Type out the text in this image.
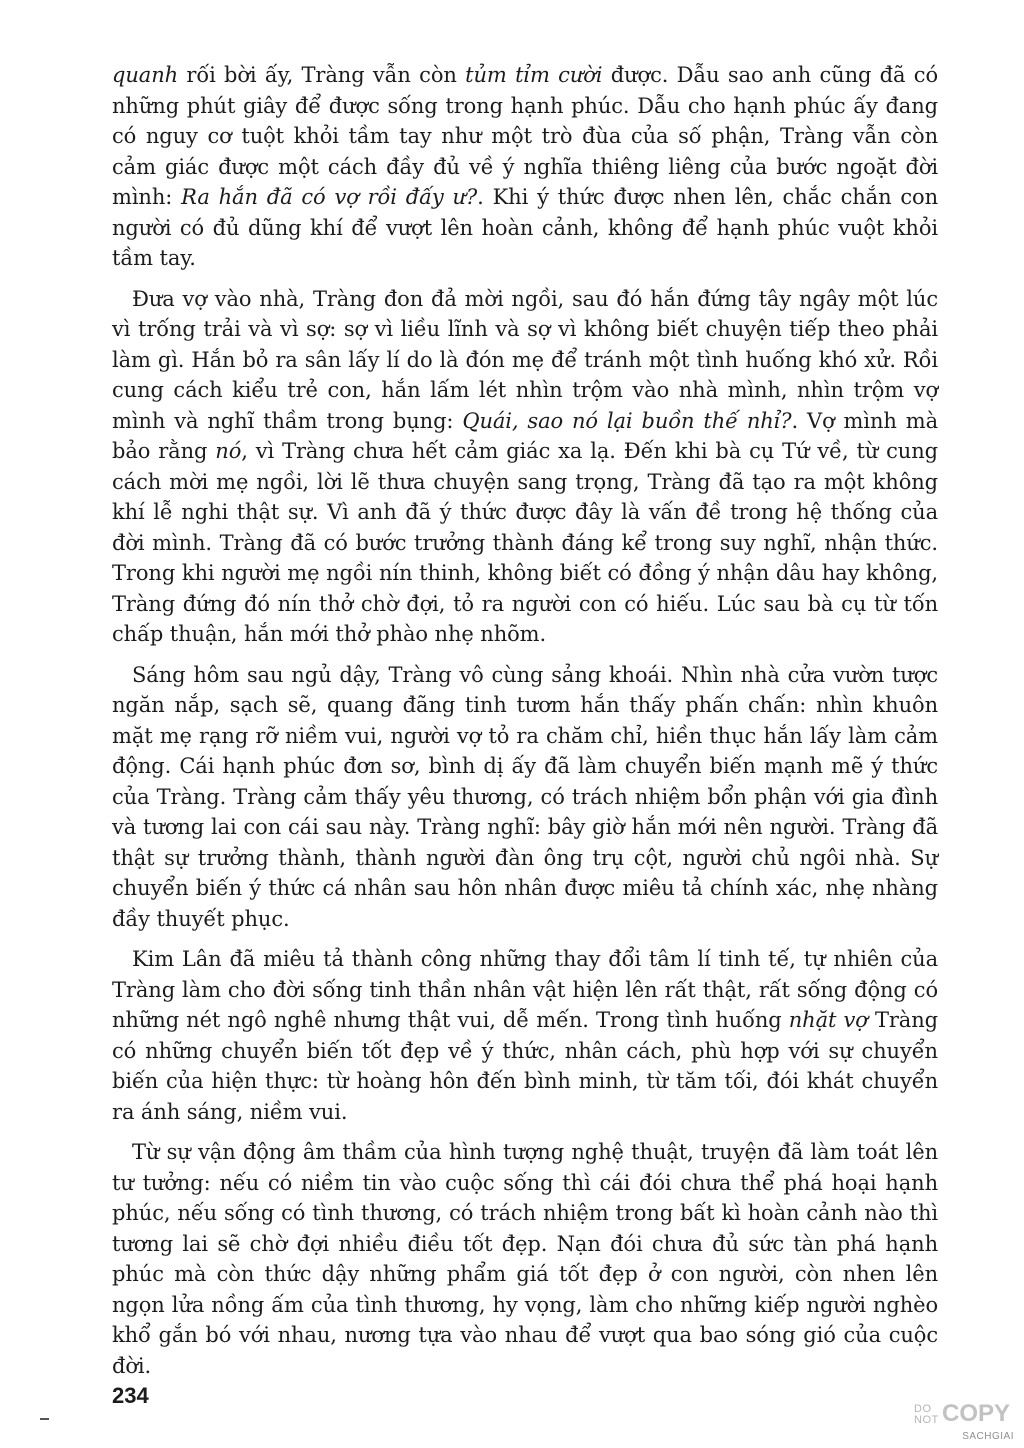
quanh rối bời ấy, Tràng vẫn còn tủm tỉm cười được. Dẫu sao anh cũng đã có những phút giây để được sống trong hạnh phúc. Dẫu cho hạnh phúc ấy đang có nguy cơ tuột khỏi tầm tay như một trò đùa của số phận, Tràng vẫn còn cảm giác được một cách đầy đủ về ý nghĩa thiêng liêng của bước ngoặt đời mình: Ra hắn đã có vợ rồi đấy ư?. Khi ý thức được nhen lên, chắc chắn con người có đủ dũng khí để vượt lên hoàn cảnh, không để hạnh phúc vuột khỏi tầm tay.

Đưa vợ vào nhà, Tràng đon đả mời ngồi, sau đó hắn đứng tây ngây một lúc vì trống trải và vì sợ: sợ vì liều lĩnh và sợ vì không biết chuyện tiếp theo phải làm gì. Hắn bỏ ra sân lấy lí do là đón mẹ để tránh một tình huống khó xử. Rồi cung cách kiểu trẻ con, hắn lấm lét nhìn trộm vào nhà mình, nhìn trộm vợ mình và nghĩ thầm trong bụng: Quái, sao nó lại buồn thế nhỉ?. Vợ mình mà bảo rằng nó, vì Tràng chưa hết cảm giác xa lạ. Đến khi bà cụ Tứ về, từ cung cách mời mẹ ngồi, lời lẽ thưa chuyện sang trọng, Tràng đã tạo ra một không khí lễ nghi thật sự. Vì anh đã ý thức được đây là vấn đề trong hệ thống của đời mình. Tràng đã có bước trưởng thành đáng kể trong suy nghĩ, nhận thức. Trong khi người mẹ ngồi nín thinh, không biết có đồng ý nhận dâu hay không, Tràng đứng đó nín thở chờ đợi, tỏ ra người con có hiếu. Lúc sau bà cụ từ tốn chấp thuận, hắn mới thở phào nhẹ nhõm.

Sáng hôm sau ngủ dậy, Tràng vô cùng sảng khoái. Nhìn nhà cửa vườn tược ngăn nắp, sạch sẽ, quang đãng tinh tươm hắn thấy phấn chấn: nhìn khuôn mặt mẹ rạng rỡ niềm vui, người vợ tỏ ra chăm chỉ, hiền thục hắn lấy làm cảm động. Cái hạnh phúc đơn sơ, bình dị ấy đã làm chuyển biến mạnh mẽ ý thức của Tràng. Tràng cảm thấy yêu thương, có trách nhiệm bổn phận với gia đình và tương lai con cái sau này. Tràng nghĩ: bây giờ hắn mới nên người. Tràng đã thật sự trưởng thành, thành người đàn ông trụ cột, người chủ ngôi nhà. Sự chuyển biến ý thức cá nhân sau hôn nhân được miêu tả chính xác, nhẹ nhàng đầy thuyết phục.

Kim Lân đã miêu tả thành công những thay đổi tâm lí tinh tế, tự nhiên của Tràng làm cho đời sống tinh thần nhân vật hiện lên rất thật, rất sống động có những nét ngô nghê nhưng thật vui, dễ mến. Trong tình huống nhặt vợ Tràng có những chuyển biến tốt đẹp về ý thức, nhân cách, phù hợp với sự chuyển biến của hiện thực: từ hoàng hôn đến bình minh, từ tăm tối, đói khát chuyển ra ánh sáng, niềm vui.

Từ sự vận động âm thầm của hình tượng nghệ thuật, truyện đã làm toát lên tư tưởng: nếu có niềm tin vào cuộc sống thì cái đói chưa thể phá hoại hạnh phúc, nếu sống có tình thương, có trách nhiệm trong bất kì hoàn cảnh nào thì tương lai sẽ chờ đợi nhiều điều tốt đẹp. Nạn đói chưa đủ sức tàn phá hạnh phúc mà còn thức dậy những phẩm giá tốt đẹp ở con người, còn nhen lên ngọn lửa nồng ấm của tình thương, hy vọng, làm cho những kiếp người nghèo khổ gắn bó với nhau, nương tựa vào nhau để vượt qua bao sóng gió của cuộc đời.

234
DO NOT COPY
SACHGIAI
